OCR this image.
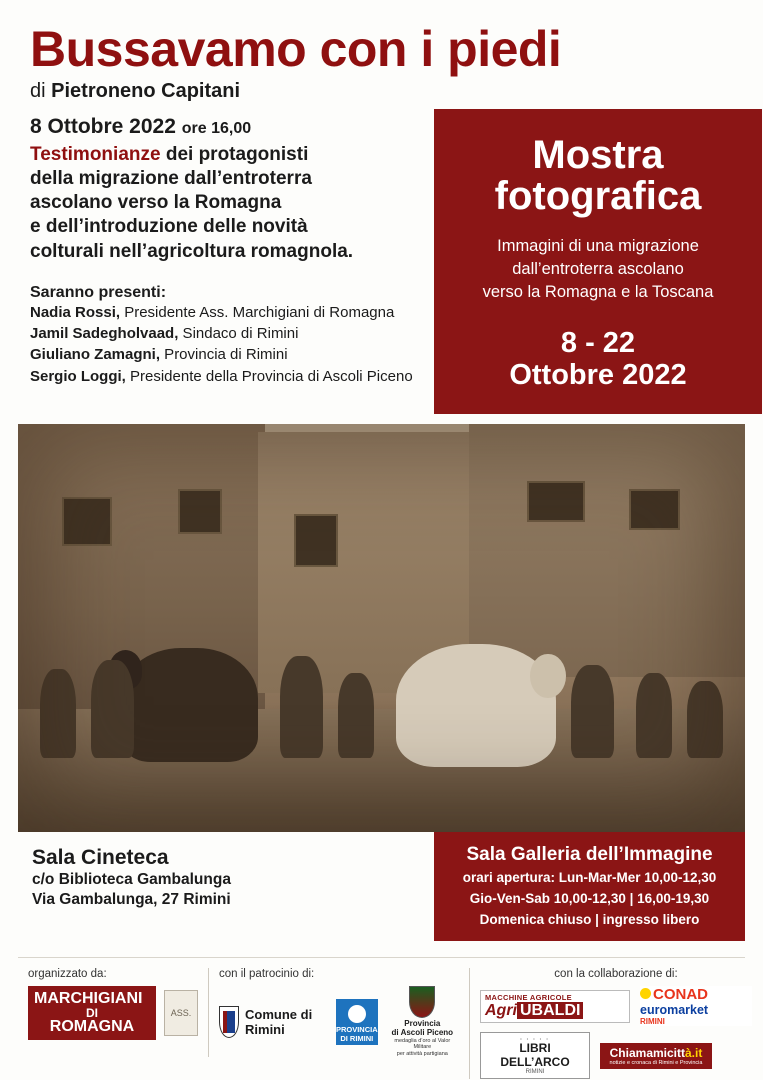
Bussavamo con i piedi
di Pietroneno Capitani
8 Ottobre 2022 ore 16,00
Testimonianze dei protagonisti
della migrazione dall’entroterra
ascolano verso la Romagna
e dell’introduzione delle novità
colturali nell’agricoltura romagnola.
Saranno presenti:
Nadia Rossi, Presidente Ass. Marchigiani di Romagna
Jamil Sadegholvaad, Sindaco di Rimini
Giuliano Zamagni, Provincia di Rimini
Sergio Loggi, Presidente della Provincia di Ascoli Piceno
Mostra
fotografica
Immagini di una migrazione
dall’entroterra ascolano
verso la Romagna e la Toscana
8 - 22
Ottobre 2022
Sala Cineteca
c/o Biblioteca Gambalunga
Via Gambalunga, 27 Rimini
Sala Galleria dell’Immagine
orari apertura: Lun-Mar-Mer 10,00-12,30
Gio-Ven-Sab 10,00-12,30 | 16,00-19,30
Domenica chiuso | ingresso libero
organizzato da:
MARCHIGIANI
DI
ROMAGNA
ASS.
con il patrocinio di:
Comune di Rimini	PROVINCIA
DI RIMINI
Provincia
di Ascoli Piceno
medaglia d’oro al Valor Militare
per attività partigiana
con la collaborazione di:
MACCHINE AGRICOLE
Agri UBALDI
CONAD
euromarket
RIMINI
• • • • •
LIBRI DELL’ARCO
RIMINI
Chiamamicittà.it
notizie e cronaca di Rimini e Provincia
